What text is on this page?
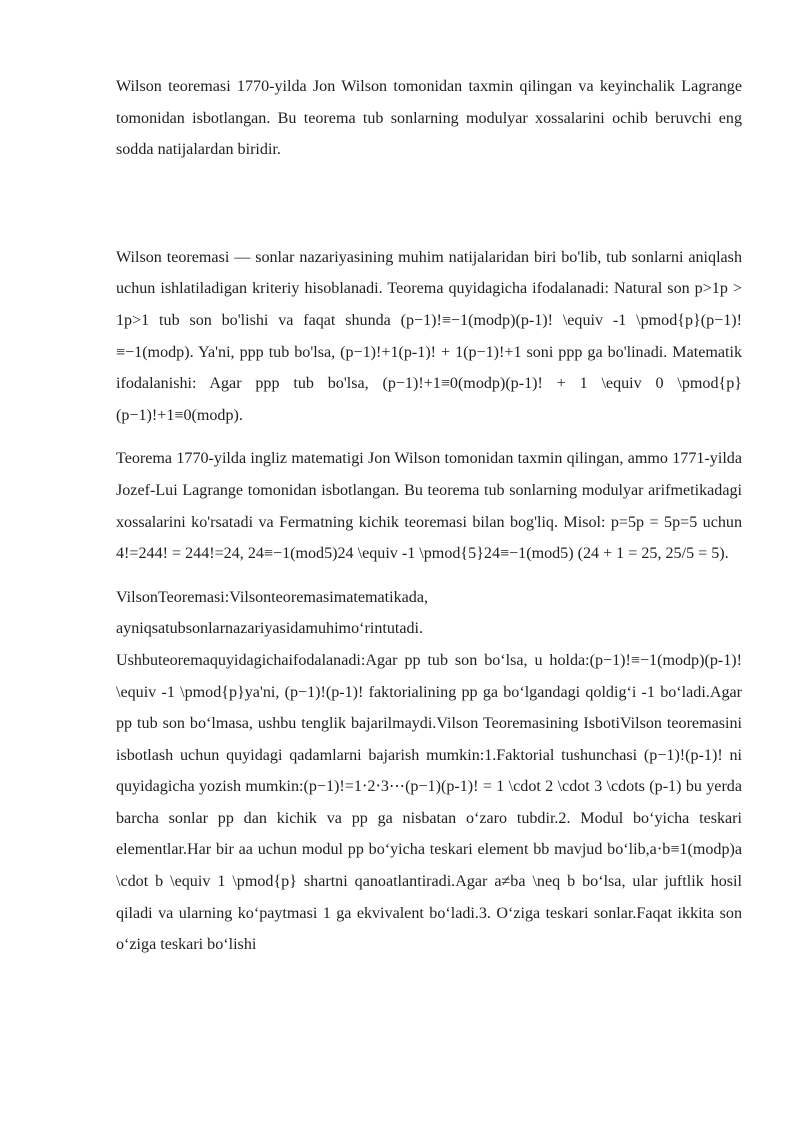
Wilson teoremasi 1770-yilda Jon Wilson tomonidan taxmin qilingan va keyinchalik Lagrange tomonidan isbotlangan. Bu teorema tub sonlarning modulyar xossalarini ochib beruvchi eng sodda natijalardan biridir.

Wilson teoremasi — sonlar nazariyasining muhim natijalaridan biri bo'lib, tub sonlarni aniqlash uchun ishlatiladigan kriteriy hisoblanadi. Teorema quyidagicha ifodalanadi: Natural son p>1p > 1p>1 tub son bo'lishi va faqat shunda (p−1)!≡−1(modp)(p-1)! \equiv -1 \pmod{p}(p−1)!≡−1(modp). Ya'ni, ppp tub bo'lsa, (p−1)!+1(p-1)! + 1(p−1)!+1 soni ppp ga bo'linadi. Matematik ifodalanishi: Agar ppp tub bo'lsa, (p−1)!+1≡0(modp)(p-1)! + 1 \equiv 0 \pmod{p}(p−1)!+1≡0(modp).

Teorema 1770-yilda ingliz matematigi Jon Wilson tomonidan taxmin qilingan, ammo 1771-yilda Jozef-Lui Lagrange tomonidan isbotlangan. Bu teorema tub sonlarning modulyar arifmetikadagi xossalarini ko'rsatadi va Fermatning kichik teoremasi bilan bog'liq. Misol: p=5p = 5p=5 uchun 4!=244! = 244!=24, 24≡−1(mod5)24 \equiv -1 \pmod{5}24≡−1(mod5) (24 + 1 = 25, 25/5 = 5).

VilsonTeoremasi:Vilsonteoremasimatematikada,

ayniqsatubsonlarnazariyasidamuhimo‘rintutadi.

Ushbuteoremaquyidagichaifodalanadi:Agar pp tub son bo‘lsa, u holda:(p−1)!≡−1(modp)(p-1)! \equiv -1 \pmod{p}ya'ni, (p−1)!(p-1)! faktorialining pp ga bo‘lgandagi qoldig‘i -1 bo‘ladi.Agar pp tub son bo‘lmasa, ushbu tenglik bajarilmaydi.Vilson Teoremasining IsbotiVilson teoremasini isbotlash uchun quyidagi qadamlarni bajarish mumkin:1.Faktorial tushunchasi (p−1)!(p-1)! ni quyidagicha yozish mumkin:(p−1)!=1⋅2⋅3⋯(p−1)(p-1)! = 1 \cdot 2 \cdot 3 \cdots (p-1) bu yerda barcha sonlar pp dan kichik va pp ga nisbatan o‘zaro tubdir.2. Modul bo‘yicha teskari elementlar.Har bir aa uchun modul pp bo‘yicha teskari element bb mavjud bo‘lib,a⋅b≡1(modp)a \cdot b \equiv 1 \pmod{p} shartni qanoatlantiradi.Agar a≠ba \neq b bo‘lsa, ular juftlik hosil qiladi va ularning ko‘paytmasi 1 ga ekvivalent bo‘ladi.3. O‘ziga teskari sonlar.Faqat ikkita son o‘ziga teskari bo‘lishi
